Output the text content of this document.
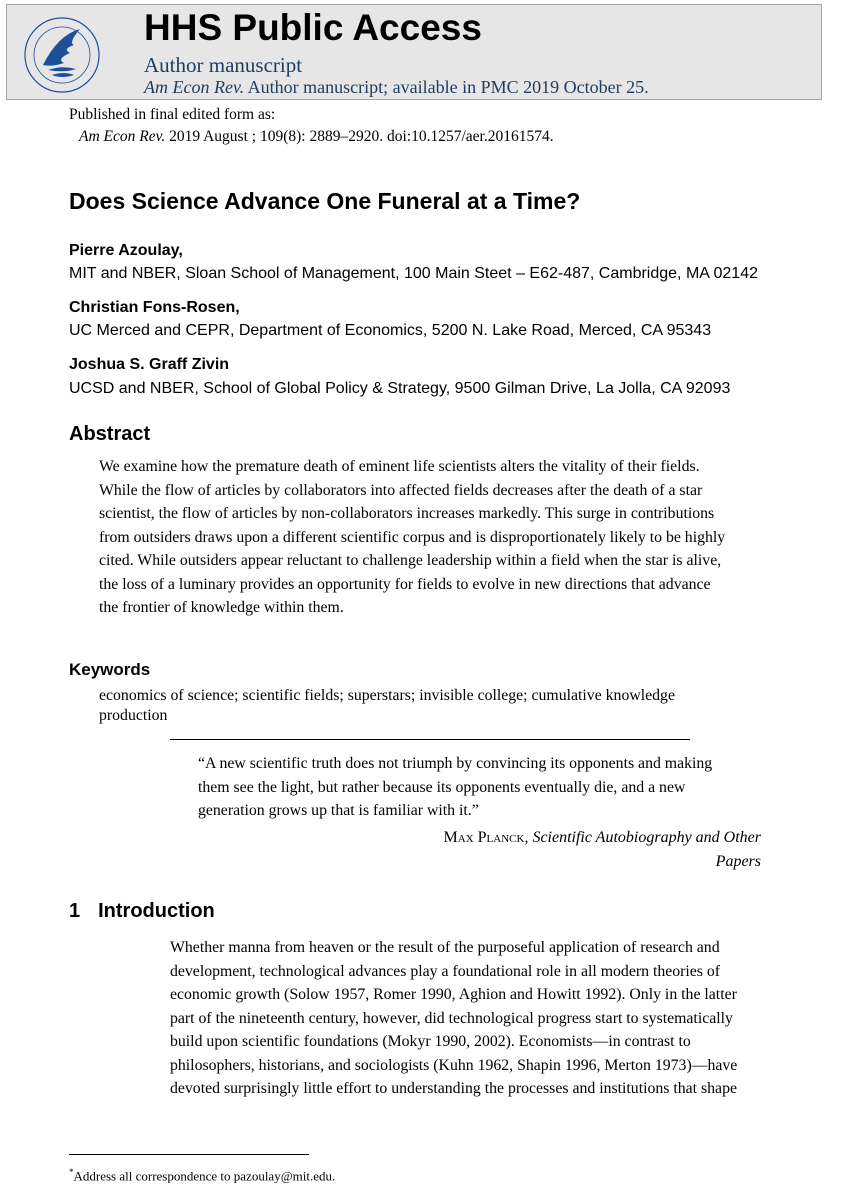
HHS Public Access
Author manuscript
Am Econ Rev. Author manuscript; available in PMC 2019 October 25.
Published in final edited form as:
Am Econ Rev. 2019 August ; 109(8): 2889–2920. doi:10.1257/aer.20161574.
Does Science Advance One Funeral at a Time?
Pierre Azoulay,
MIT and NBER, Sloan School of Management, 100 Main Steet – E62-487, Cambridge, MA 02142
Christian Fons-Rosen,
UC Merced and CEPR, Department of Economics, 5200 N. Lake Road, Merced, CA 95343
Joshua S. Graff Zivin
UCSD and NBER, School of Global Policy & Strategy, 9500 Gilman Drive, La Jolla, CA 92093
Abstract
We examine how the premature death of eminent life scientists alters the vitality of their fields.
While the flow of articles by collaborators into affected fields decreases after the death of a star
scientist, the flow of articles by non-collaborators increases markedly. This surge in contributions
from outsiders draws upon a different scientific corpus and is disproportionately likely to be highly
cited. While outsiders appear reluctant to challenge leadership within a field when the star is alive,
the loss of a luminary provides an opportunity for fields to evolve in new directions that advance
the frontier of knowledge within them.
Keywords
economics of science; scientific fields; superstars; invisible college; cumulative knowledge
production
“A new scientific truth does not triumph by convincing its opponents and making
them see the light, but rather because its opponents eventually die, and a new
generation grows up that is familiar with it.”
Max Planck, Scientific Autobiography and Other
Papers
1 Introduction
Whether manna from heaven or the result of the purposeful application of research and
development, technological advances play a foundational role in all modern theories of
economic growth (Solow 1957, Romer 1990, Aghion and Howitt 1992). Only in the latter
part of the nineteenth century, however, did technological progress start to systematically
build upon scientific foundations (Mokyr 1990, 2002). Economists—in contrast to
philosophers, historians, and sociologists (Kuhn 1962, Shapin 1996, Merton 1973)—have
devoted surprisingly little effort to understanding the processes and institutions that shape
*Address all correspondence to pazoulay@mit.edu.
